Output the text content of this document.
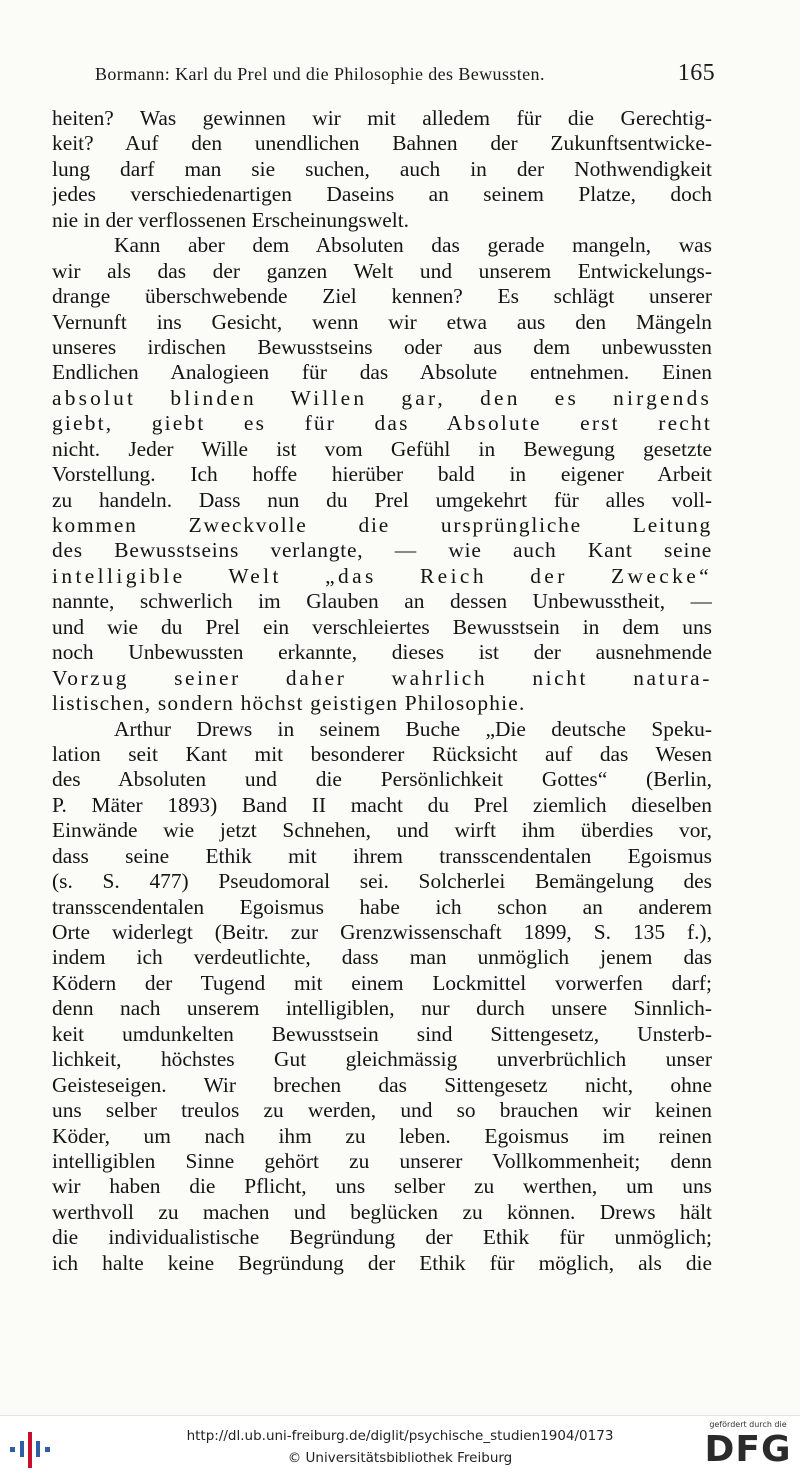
Bormann: Karl du Prel und die Philosophie des Bewussten.	165
heiten? Was gewinnen wir mit alledem für die Gerechtig-
keit? Auf den unendlichen Bahnen der Zukunftsentwicke-
lung darf man sie suchen, auch in der Nothwendigkeit
jedes verschiedenartigen Daseins an seinem Platze, doch
nie in der verflossenen Erscheinungswelt.
Kann aber dem Absoluten das gerade mangeln, was
wir als das der ganzen Welt und unserem Entwickelungs-
drange überschwebende Ziel kennen? Es schlägt unserer
Vernunft ins Gesicht, wenn wir etwa aus den Mängeln
unseres irdischen Bewusstseins oder aus dem unbewussten
Endlichen Analogieen für das Absolute entnehmen. Einen
absolut blinden Willen gar, den es nirgends
giebt, giebt es für das Absolute erst recht
nicht. Jeder Wille ist vom Gefühl in Bewegung gesetzte
Vorstellung. Ich hoffe hierüber bald in eigener Arbeit
zu handeln. Dass nun du Prel umgekehrt für alles voll-
kommen Zweckvolle die ursprüngliche Leitung
des Bewusstseins verlangte, — wie auch Kant seine
intelligible Welt „das Reich der Zwecke“
nannte, schwerlich im Glauben an dessen Unbewusstheit, —
und wie du Prel ein verschleiertes Bewusstsein in dem uns
noch Unbewussten erkannte, dieses ist der ausnehmende
Vorzug seiner daher wahrlich nicht natura-
listischen, sondern höchst geistigen Philosophie.
Arthur Drews in seinem Buche „Die deutsche Speku-
lation seit Kant mit besonderer Rücksicht auf das Wesen
des Absoluten und die Persönlichkeit Gottes“ (Berlin,
P. Mäter 1893) Band II macht du Prel ziemlich dieselben
Einwände wie jetzt Schnehen, und wirft ihm überdies vor,
dass seine Ethik mit ihrem transscendentalen Egoismus
(s. S. 477) Pseudomoral sei. Solcherlei Bemängelung des
transscendentalen Egoismus habe ich schon an anderem
Orte widerlegt (Beitr. zur Grenzwissenschaft 1899, S. 135 f.),
indem ich verdeutlichte, dass man unmöglich jenem das
Ködern der Tugend mit einem Lockmittel vorwerfen darf;
denn nach unserem intelligiblen, nur durch unsere Sinnlich-
keit umdunkelten Bewusstsein sind Sittengesetz, Unsterb-
lichkeit, höchstes Gut gleichmässig unverbrüchlich unser
Geisteseigen. Wir brechen das Sittengesetz nicht, ohne
uns selber treulos zu werden, und so brauchen wir keinen
Köder, um nach ihm zu leben. Egoismus im reinen
intelligiblen Sinne gehört zu unserer Vollkommenheit; denn
wir haben die Pflicht, uns selber zu werthen, um uns
werthvoll zu machen und beglücken zu können. Drews hält
die individualistische Begründung der Ethik für unmöglich;
ich halte keine Begründung der Ethik für möglich, als die
http://dl.ub.uni-freiburg.de/diglit/psychische_studien1904/0173
© Universitätsbibliothek Freiburg
gefördert durch die
DFG
